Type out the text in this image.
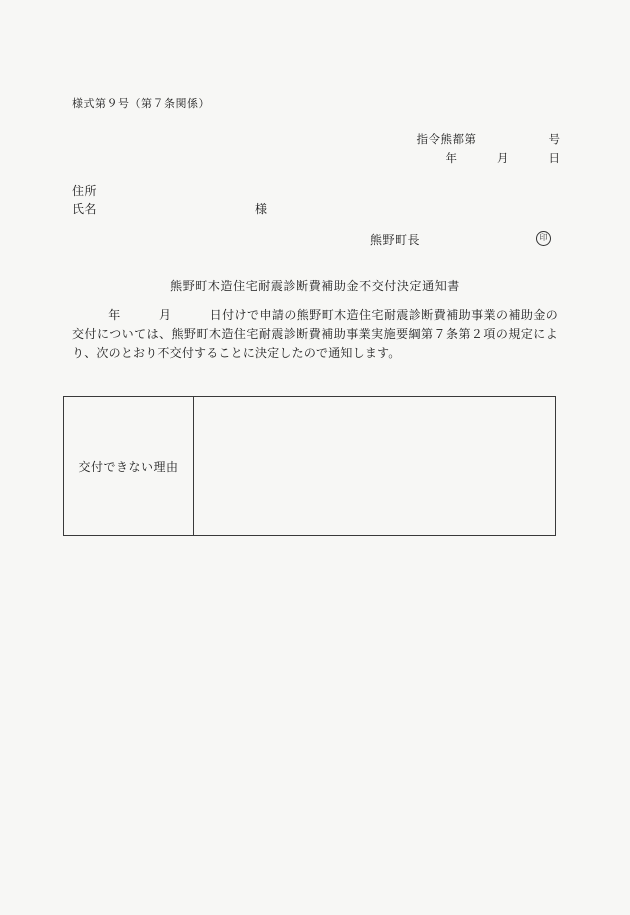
様式第９号（第７条関係）
指令熊都第	号
年	月	日
住所
氏名	様
熊野町長	印
熊野町木造住宅耐震診断費補助金不交付決定通知書
年	月	日付けで申請の熊野町木造住宅耐震診断費補助事業の補助金の交付については、熊野町木造住宅耐震診断費補助事業実施要綱第７条第２項の規定により、次のとおり不交付することに決定したので通知します。
交付できない理由
